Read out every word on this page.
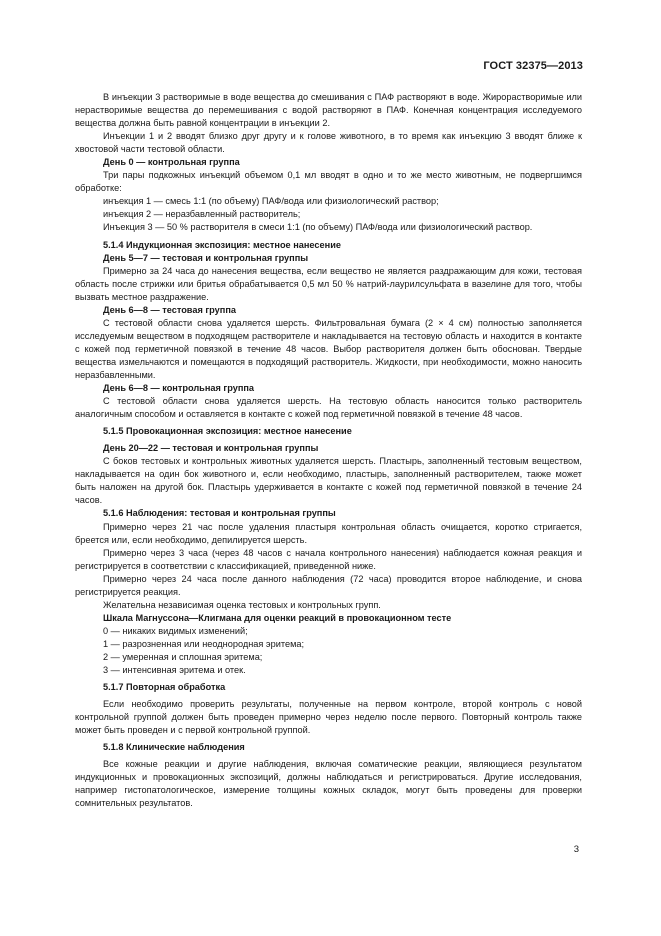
ГОСТ 32375—2013

В инъекции 3 растворимые в воде вещества до смешивания с ПАФ растворяют в воде. Жирорастворимые или нерастворимые вещества до перемешивания с водой растворяют в ПАФ. Конечная концентрация исследуемого вещества должна быть равной концентрации в инъекции 2.

Инъекции 1 и 2 вводят близко друг другу и к голове животного, в то время как инъекцию 3 вводят ближе к хвостовой части тестовой области.

День 0 — контрольная группа

Три пары подкожных инъекций объемом 0,1 мл вводят в одно и то же место животным, не подвергшимся обработке:

инъекция 1 — смесь 1:1 (по объему) ПАФ/вода или физиологический раствор;

инъекция 2 — неразбавленный растворитель;

Инъекция 3 — 50 % растворителя в смеси 1:1 (по объему) ПАФ/вода или физиологический раствор.

5.1.4 Индукционная экспозиция: местное нанесение

День 5—7 — тестовая и контрольная группы

Примерно за 24 часа до нанесения вещества, если вещество не является раздражающим для кожи, тестовая область после стрижки или бритья обрабатывается 0,5 мл 50 % натрий-лаурилсульфата в вазелине для того, чтобы вызвать местное раздражение.

День 6—8 — тестовая группа

С тестовой области снова удаляется шерсть. Фильтровальная бумага (2 × 4 см) полностью заполняется исследуемым веществом в подходящем растворителе и накладывается на тестовую область и находится в контакте с кожей под герметичной повязкой в течение 48 часов. Выбор растворителя должен быть обоснован. Твердые вещества измельчаются и помещаются в подходящий растворитель. Жидкости, при необходимости, можно наносить неразбавленными.

День 6—8 — контрольная группа

С тестовой области снова удаляется шерсть. На тестовую область наносится только растворитель аналогичным способом и оставляется в контакте с кожей под герметичной повязкой в течение 48 часов.

5.1.5 Провокационная экспозиция: местное нанесение

День 20—22 — тестовая и контрольная группы

С боков тестовых и контрольных животных удаляется шерсть. Пластырь, заполненный тестовым веществом, накладывается на один бок животного и, если необходимо, пластырь, заполненный растворителем, также может быть наложен на другой бок. Пластырь удерживается в контакте с кожей под герметичной повязкой в течение 24 часов.

5.1.6 Наблюдения: тестовая и контрольная группы

Примерно через 21 час после удаления пластыря контрольная область очищается, коротко стригается, бреется или, если необходимо, депилируется шерсть.

Примерно через 3 часа (через 48 часов с начала контрольного нанесения) наблюдается кожная реакция и регистрируется в соответствии с классификацией, приведенной ниже.

Примерно через 24 часа после данного наблюдения (72 часа) проводится второе наблюдение, и снова регистрируется реакция.

Желательна независимая оценка тестовых и контрольных групп.

Шкала Магнуссона—Клигмана для оценки реакций в провокационном тесте

0 — никаких видимых изменений;

1 — разрозненная или неоднородная эритема;

2 — умеренная и сплошная эритема;

3 — интенсивная эритема и отек.

5.1.7 Повторная обработка

Если необходимо проверить результаты, полученные на первом контроле, второй контроль с новой контрольной группой должен быть проведен примерно через неделю после первого. Повторный контроль также может быть проведен и с первой контрольной группой.

5.1.8 Клинические наблюдения

Все кожные реакции и другие наблюдения, включая соматические реакции, являющиеся результатом индукционных и провокационных экспозиций, должны наблюдаться и регистрироваться. Другие исследования, например гистопатологическое, измерение толщины кожных складок, могут быть проведены для проверки сомнительных результатов.

3
